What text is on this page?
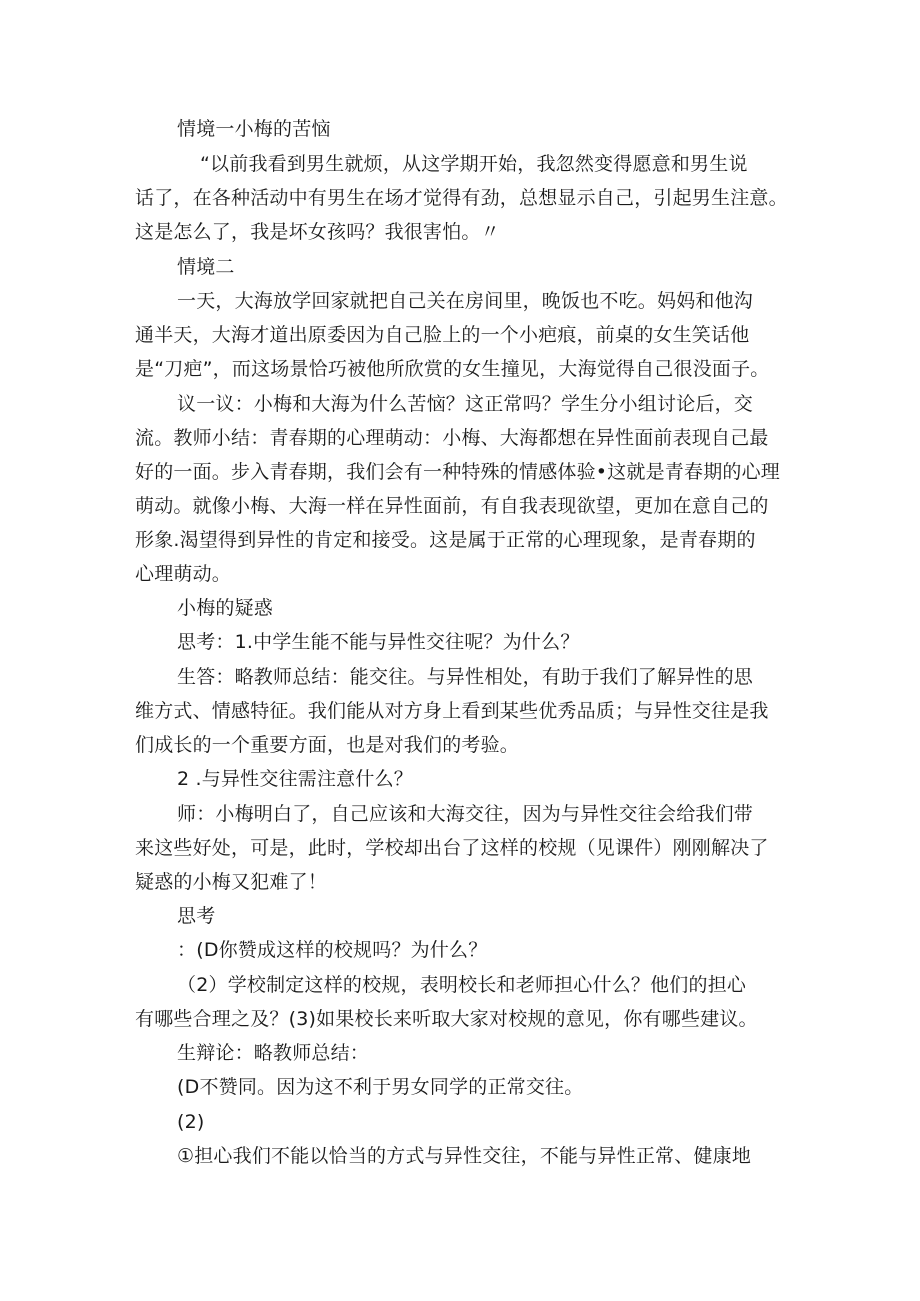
情境一小梅的苦恼
“以前我看到男生就烦，从这学期开始，我忽然变得愿意和男生说
话了，在各种活动中有男生在场才觉得有劲，总想显示自己，引起男生注意。
这是怎么了，我是坏女孩吗？我很害怕。〃
情境二
一天，大海放学回家就把自己关在房间里，晚饭也不吃。妈妈和他沟
通半天，大海才道出原委因为自己脸上的一个小疤痕，前桌的女生笑话他
是“刀疤”，而这场景恰巧被他所欣赏的女生撞见，大海觉得自己很没面子。
议一议：小梅和大海为什么苦恼？这正常吗？学生分小组讨论后，交
流。教师小结：青春期的心理萌动：小梅、大海都想在异性面前表现自己最
好的一面。步入青春期，我们会有一种特殊的情感体验•这就是青春期的心理
萌动。就像小梅、大海一样在异性面前，有自我表现欲望，更加在意自己的
形象.渴望得到异性的肯定和接受。这是属于正常的心理现象，是青春期的
心理萌动。
小梅的疑惑
思考：1.中学生能不能与异性交往呢？为什么？
生答：略教师总结：能交往。与异性相处，有助于我们了解异性的思
维方式、情感特征。我们能从对方身上看到某些优秀品质；与异性交往是我
们成长的一个重要方面，也是对我们的考验。
2 .与异性交往需注意什么？
师：小梅明白了，自己应该和大海交往，因为与异性交往会给我们带
来这些好处，可是，此时，学校却出台了这样的校规（见课件）刚刚解决了
疑惑的小梅又犯难了！
思考
：(D你赞成这样的校规吗？为什么？
（2）学校制定这样的校规，表明校长和老师担心什么？他们的担心
有哪些合理之及？(3)如果校长来听取大家对校规的意见，你有哪些建议。
生辩论：略教师总结：
(D不赞同。因为这不利于男女同学的正常交往。
(2)
①担心我们不能以恰当的方式与异性交往，不能与异性正常、健康地
